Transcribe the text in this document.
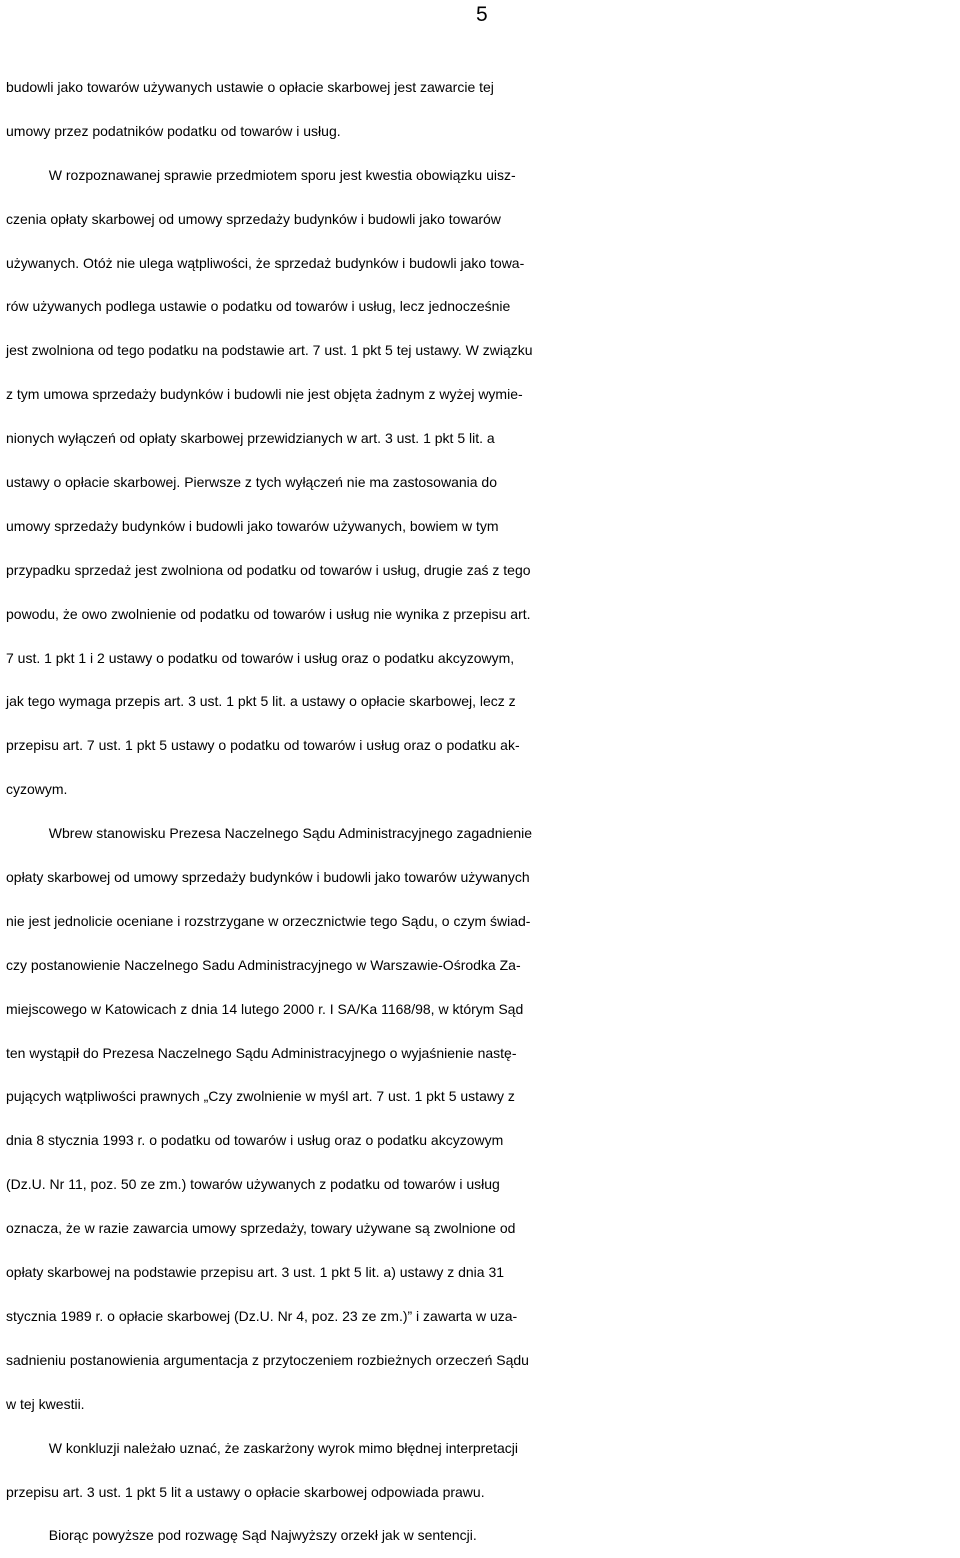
5
budowli jako towarów używanych ustawie o opłacie skarbowej jest zawarcie tej
umowy przez podatników podatku od towarów i usług.
W rozpoznawanej sprawie przedmiotem sporu jest kwestia obowiązku uisz-
czenia opłaty skarbowej od umowy sprzedaży budynków i budowli jako towarów
używanych. Otóż nie ulega wątpliwości, że sprzedaż budynków i budowli jako towa-
rów używanych podlega ustawie o podatku od towarów i usług, lecz jednocześnie
jest zwolniona od tego podatku na podstawie art. 7 ust. 1 pkt 5 tej ustawy. W związku
z tym umowa sprzedaży budynków i budowli nie jest objęta żadnym z wyżej wymie-
nionych wyłączeń od opłaty skarbowej przewidzianych w art. 3 ust. 1 pkt 5 lit. a
ustawy o opłacie skarbowej. Pierwsze z tych wyłączeń nie ma zastosowania do
umowy sprzedaży budynków i budowli jako towarów używanych, bowiem w tym
przypadku sprzedaż jest zwolniona od podatku od towarów i usług, drugie zaś z tego
powodu, że owo zwolnienie od podatku od towarów i usług nie wynika z przepisu art.
7 ust. 1 pkt 1 i 2 ustawy o podatku od towarów i usług oraz o podatku akcyzowym,
jak tego wymaga przepis art. 3 ust. 1 pkt 5 lit. a ustawy o opłacie skarbowej, lecz z
przepisu art. 7 ust. 1 pkt 5 ustawy o podatku od towarów i usług oraz o podatku ak-
cyzowym.
Wbrew stanowisku Prezesa Naczelnego Sądu Administracyjnego zagadnienie
opłaty skarbowej od umowy sprzedaży budynków i budowli jako towarów używanych
nie jest jednolicie oceniane i rozstrzygane w orzecznictwie tego Sądu, o czym świad-
czy postanowienie Naczelnego Sadu Administracyjnego w Warszawie-Ośrodka Za-
miejscowego w Katowicach z dnia 14 lutego 2000 r. I SA/Ka 1168/98, w którym Sąd
ten wystąpił do Prezesa Naczelnego Sądu Administracyjnego o wyjaśnienie nastę-
pujących wątpliwości prawnych „Czy zwolnienie w myśl art. 7 ust. 1 pkt 5 ustawy z
dnia 8 stycznia 1993 r. o podatku od towarów i usług oraz o podatku akcyzowym
(Dz.U. Nr 11, poz. 50 ze zm.) towarów używanych z podatku od towarów i usług
oznacza, że w razie zawarcia umowy sprzedaży, towary używane są zwolnione od
opłaty skarbowej na podstawie przepisu art. 3 ust. 1 pkt 5 lit. a) ustawy z dnia 31
stycznia 1989 r. o opłacie skarbowej (Dz.U. Nr 4, poz. 23 ze zm.)” i zawarta w uza-
sadnieniu postanowienia argumentacja z przytoczeniem rozbieżnych orzeczeń Sądu
w tej kwestii.
W konkluzji należało uznać, że zaskarżony wyrok mimo błędnej interpretacji
przepisu art. 3 ust. 1 pkt 5 lit a ustawy o opłacie skarbowej odpowiada prawu.
Biorąc powyższe pod rozwagę Sąd Najwyższy orzekł jak w sentencji.
